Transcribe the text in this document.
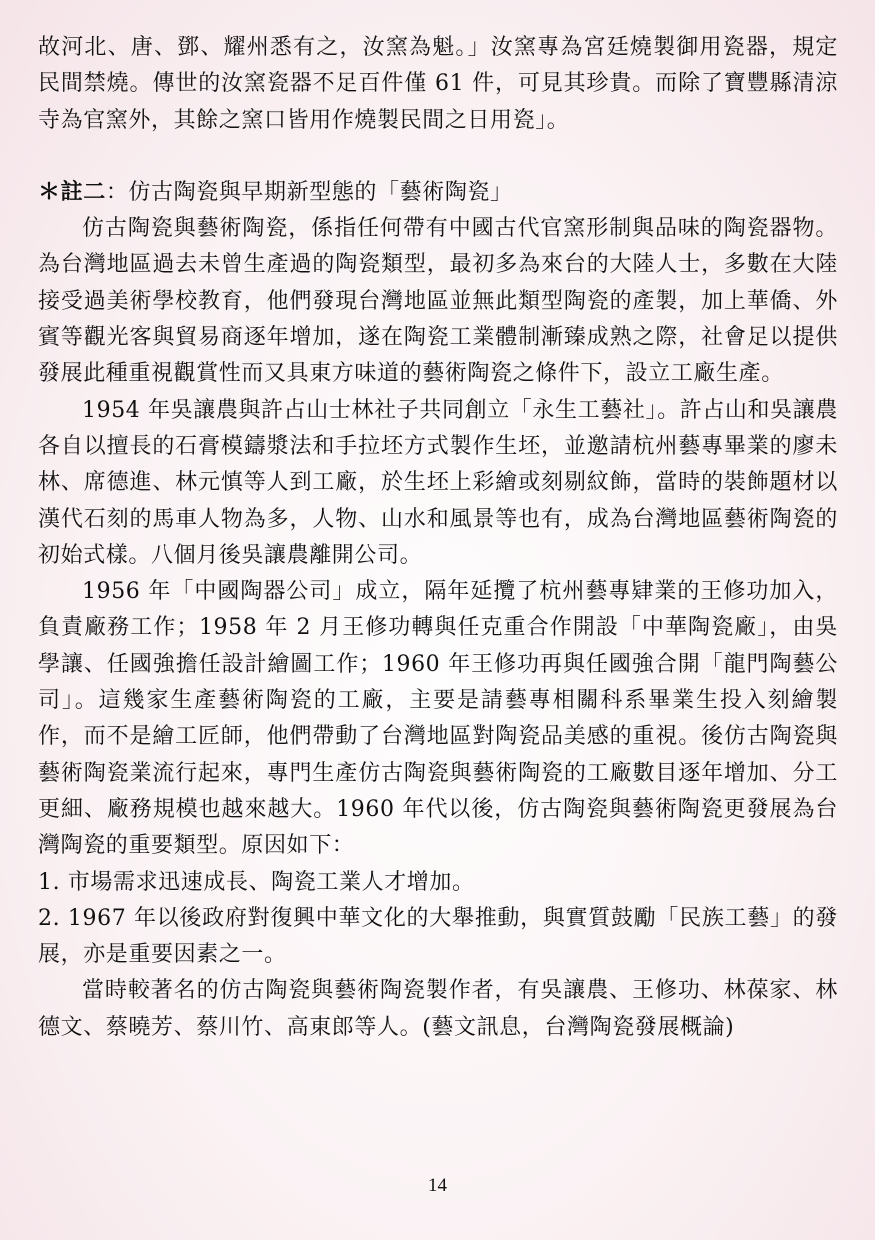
故河北、唐、鄧、耀州悉有之，汝窯為魁。」汝窯專為宮廷燒製御用瓷器，規定民間禁燒。傳世的汝窯瓷器不足百件僅 61 件，可見其珍貴。而除了寶豐縣清涼寺為官窯外，其餘之窯口皆用作燒製民間之日用瓷」。

＊註二：仿古陶瓷與早期新型態的「藝術陶瓷」

仿古陶瓷與藝術陶瓷，係指任何帶有中國古代官窯形制與品味的陶瓷器物。為台灣地區過去未曾生產過的陶瓷類型，最初多為來台的大陸人士，多數在大陸接受過美術學校教育，他們發現台灣地區並無此類型陶瓷的產製，加上華僑、外賓等觀光客與貿易商逐年增加，遂在陶瓷工業體制漸臻成熟之際，社會足以提供發展此種重視觀賞性而又具東方味道的藝術陶瓷之條件下，設立工廠生產。

1954 年吳讓農與許占山士林社子共同創立「永生工藝社」。許占山和吳讓農各自以擅長的石膏模鑄漿法和手拉坯方式製作生坯，並邀請杭州藝專畢業的廖未林、席德進、林元慎等人到工廠，於生坯上彩繪或刻剔紋飾，當時的裝飾題材以漢代石刻的馬車人物為多，人物、山水和風景等也有，成為台灣地區藝術陶瓷的初始式樣。八個月後吳讓農離開公司。

1956 年「中國陶器公司」成立，隔年延攬了杭州藝專肄業的王修功加入，負責廠務工作；1958 年 2 月王修功轉與任克重合作開設「中華陶瓷廠」，由吳學讓、任國強擔任設計繪圖工作；1960 年王修功再與任國強合開「龍門陶藝公司」。這幾家生產藝術陶瓷的工廠，主要是請藝專相關科系畢業生投入刻繪製作，而不是繪工匠師，他們帶動了台灣地區對陶瓷品美感的重視。後仿古陶瓷與藝術陶瓷業流行起來，專門生產仿古陶瓷與藝術陶瓷的工廠數目逐年增加、分工更細、廠務規模也越來越大。1960 年代以後，仿古陶瓷與藝術陶瓷更發展為台灣陶瓷的重要類型。原因如下：

1. 市場需求迅速成長、陶瓷工業人才增加。

2. 1967 年以後政府對復興中華文化的大舉推動，與實質鼓勵「民族工藝」的發展，亦是重要因素之一。

當時較著名的仿古陶瓷與藝術陶瓷製作者，有吳讓農、王修功、林葆家、林德文、蔡曉芳、蔡川竹、高東郎等人。(藝文訊息，台灣陶瓷發展概論)

14
